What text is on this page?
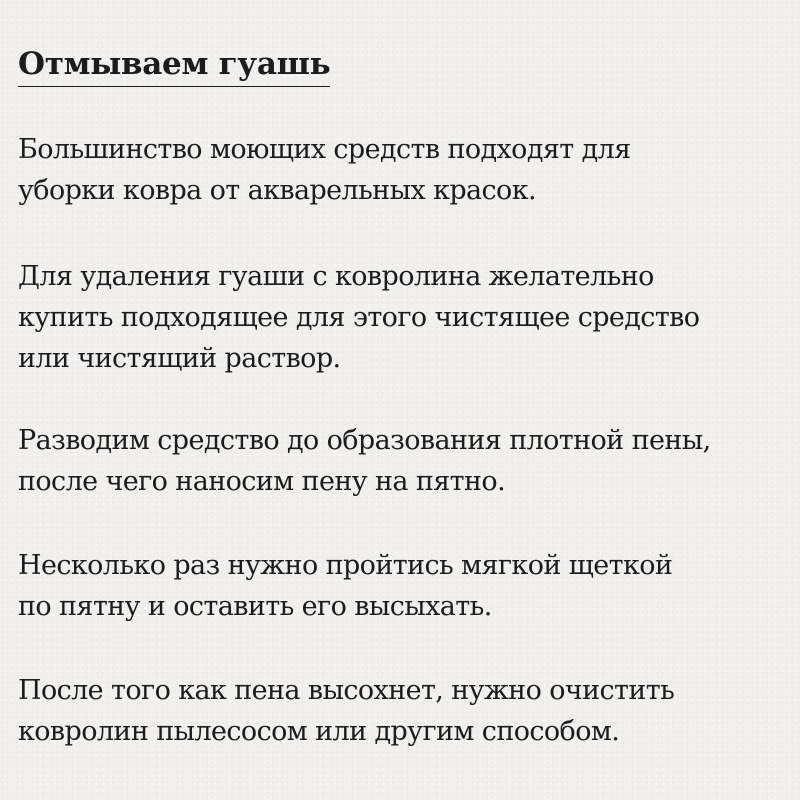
Отмываем гуашь

Большинство моющих средств подходят для
уборки ковра от акварельных красок.

Для удаления гуаши с ковролина желательно
купить подходящее для этого чистящее средство
или чистящий раствор.

Разводим средство до образования плотной пены,
после чего наносим пену на пятно.

Несколько раз нужно пройтись мягкой щеткой
по пятну и оставить его высыхать.

После того как пена высохнет, нужно очистить
ковролин пылесосом или другим способом.
